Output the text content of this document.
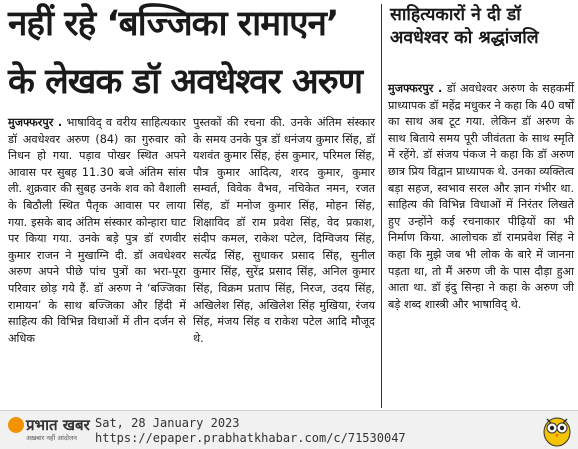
नहीं रहे ‘बज्जिका रामाएन’
के लेखक डॉ अवधेश्वर अरुण
मुजफ्फरपुर . भाषाविद् व वरीय साहित्यकार डॉ अवधेश्वर अरुण (84) का गुरुवार को निधन हो गया. पड़ाव पोखर स्थित अपने आवास पर सुबह 11.30 बजे अंतिम सांस ली. शुक्रवार की सुबह उनके शव को वैशाली के बिठौली स्थित पैतृक आवास पर लाया गया. इसके बाद अंतिम संस्कार कोन्हारा घाट पर किया गया. उनके बड़े पुत्र डॉ रणवीर कुमार राजन ने मुखाग्नि दी. डॉ अवधेश्वर अरुण अपने पीछे पांच पुत्रों का भरा-पूरा परिवार छोड़ गये हैं. डॉ अरुण ने ‘बज्जिका रामायन’ के साथ बज्जिका और हिंदी में साहित्य की विभिन्न विधाओं में तीन दर्जन से अधिक
पुस्तकों की रचना की. उनके अंतिम संस्कार के समय उनके पुत्र डॉ धनंजय कुमार सिंह, डॉ यशवंत कुमार सिंह, हंस कुमार, परिमल सिंह, पौत्र कुमार आदित्य, शरद कुमार, कुमार सम्वर्त, विवेक वैभव, नचिकेत नमन, रजत सिंह, डॉ मनोज कुमार सिंह, मोहन सिंह, शिक्षाविद डॉ राम प्रवेश सिंह, वेद प्रकाश, संदीप कमल, राकेश पटेल, दिग्विजय सिंह, सत्येंद्र सिंह, सुधाकर प्रसाद सिंह, सुनील कुमार सिंह, सुरेंद्र प्रसाद सिंह, अनिल कुमार सिंह, विक्रम प्रताप सिंह, निरज, उदय सिंह, अखिलेश सिंह, अखिलेश सिंह मुखिया, रंजय सिंह, मंजय सिंह व राकेश पटेल आदि मौजूद थे.
साहित्यकारों ने दी डॉ अवधेश्वर को श्रद्धांजलि
मुजफ्फरपुर . डॉ अवधेश्वर अरुण के सहकर्मी प्राध्यापक डॉ महेंद्र मधुकर ने कहा कि 40 वर्षों का साथ अब टूट गया. लेकिन डॉ अरुण के साथ बिताये समय पूरी जीवंतता के साथ स्मृति में रहेंगे. डॉ संजय पंकज ने कहा कि डॉ अरुण छात्र प्रिय विद्वान प्राध्यापक थे. उनका व्यक्तित्व बड़ा सहज, स्वभाव सरल और ज्ञान गंभीर था. साहित्य की विभिन्न विधाओं में निरंतर लिखते हुए उन्होंने कई रचनाकार पीढ़ियों का भी निर्माण किया. आलोचक डॉ रामप्रवेश सिंह ने कहा कि मुझे जब भी लोक के बारे में जानना पड़ता था, तो मैं अरुण जी के पास दौड़ा हुआ आता था. डॉ इंदु सिन्हा ने कहा के अरुण जी बड़े शब्द शास्त्री और भाषाविद् थे.
प्रभात खबर
अख़बार नहीं आंदोलन
Sat, 28 January 2023
https://epaper.prabhatkhabar.com/c/71530047
